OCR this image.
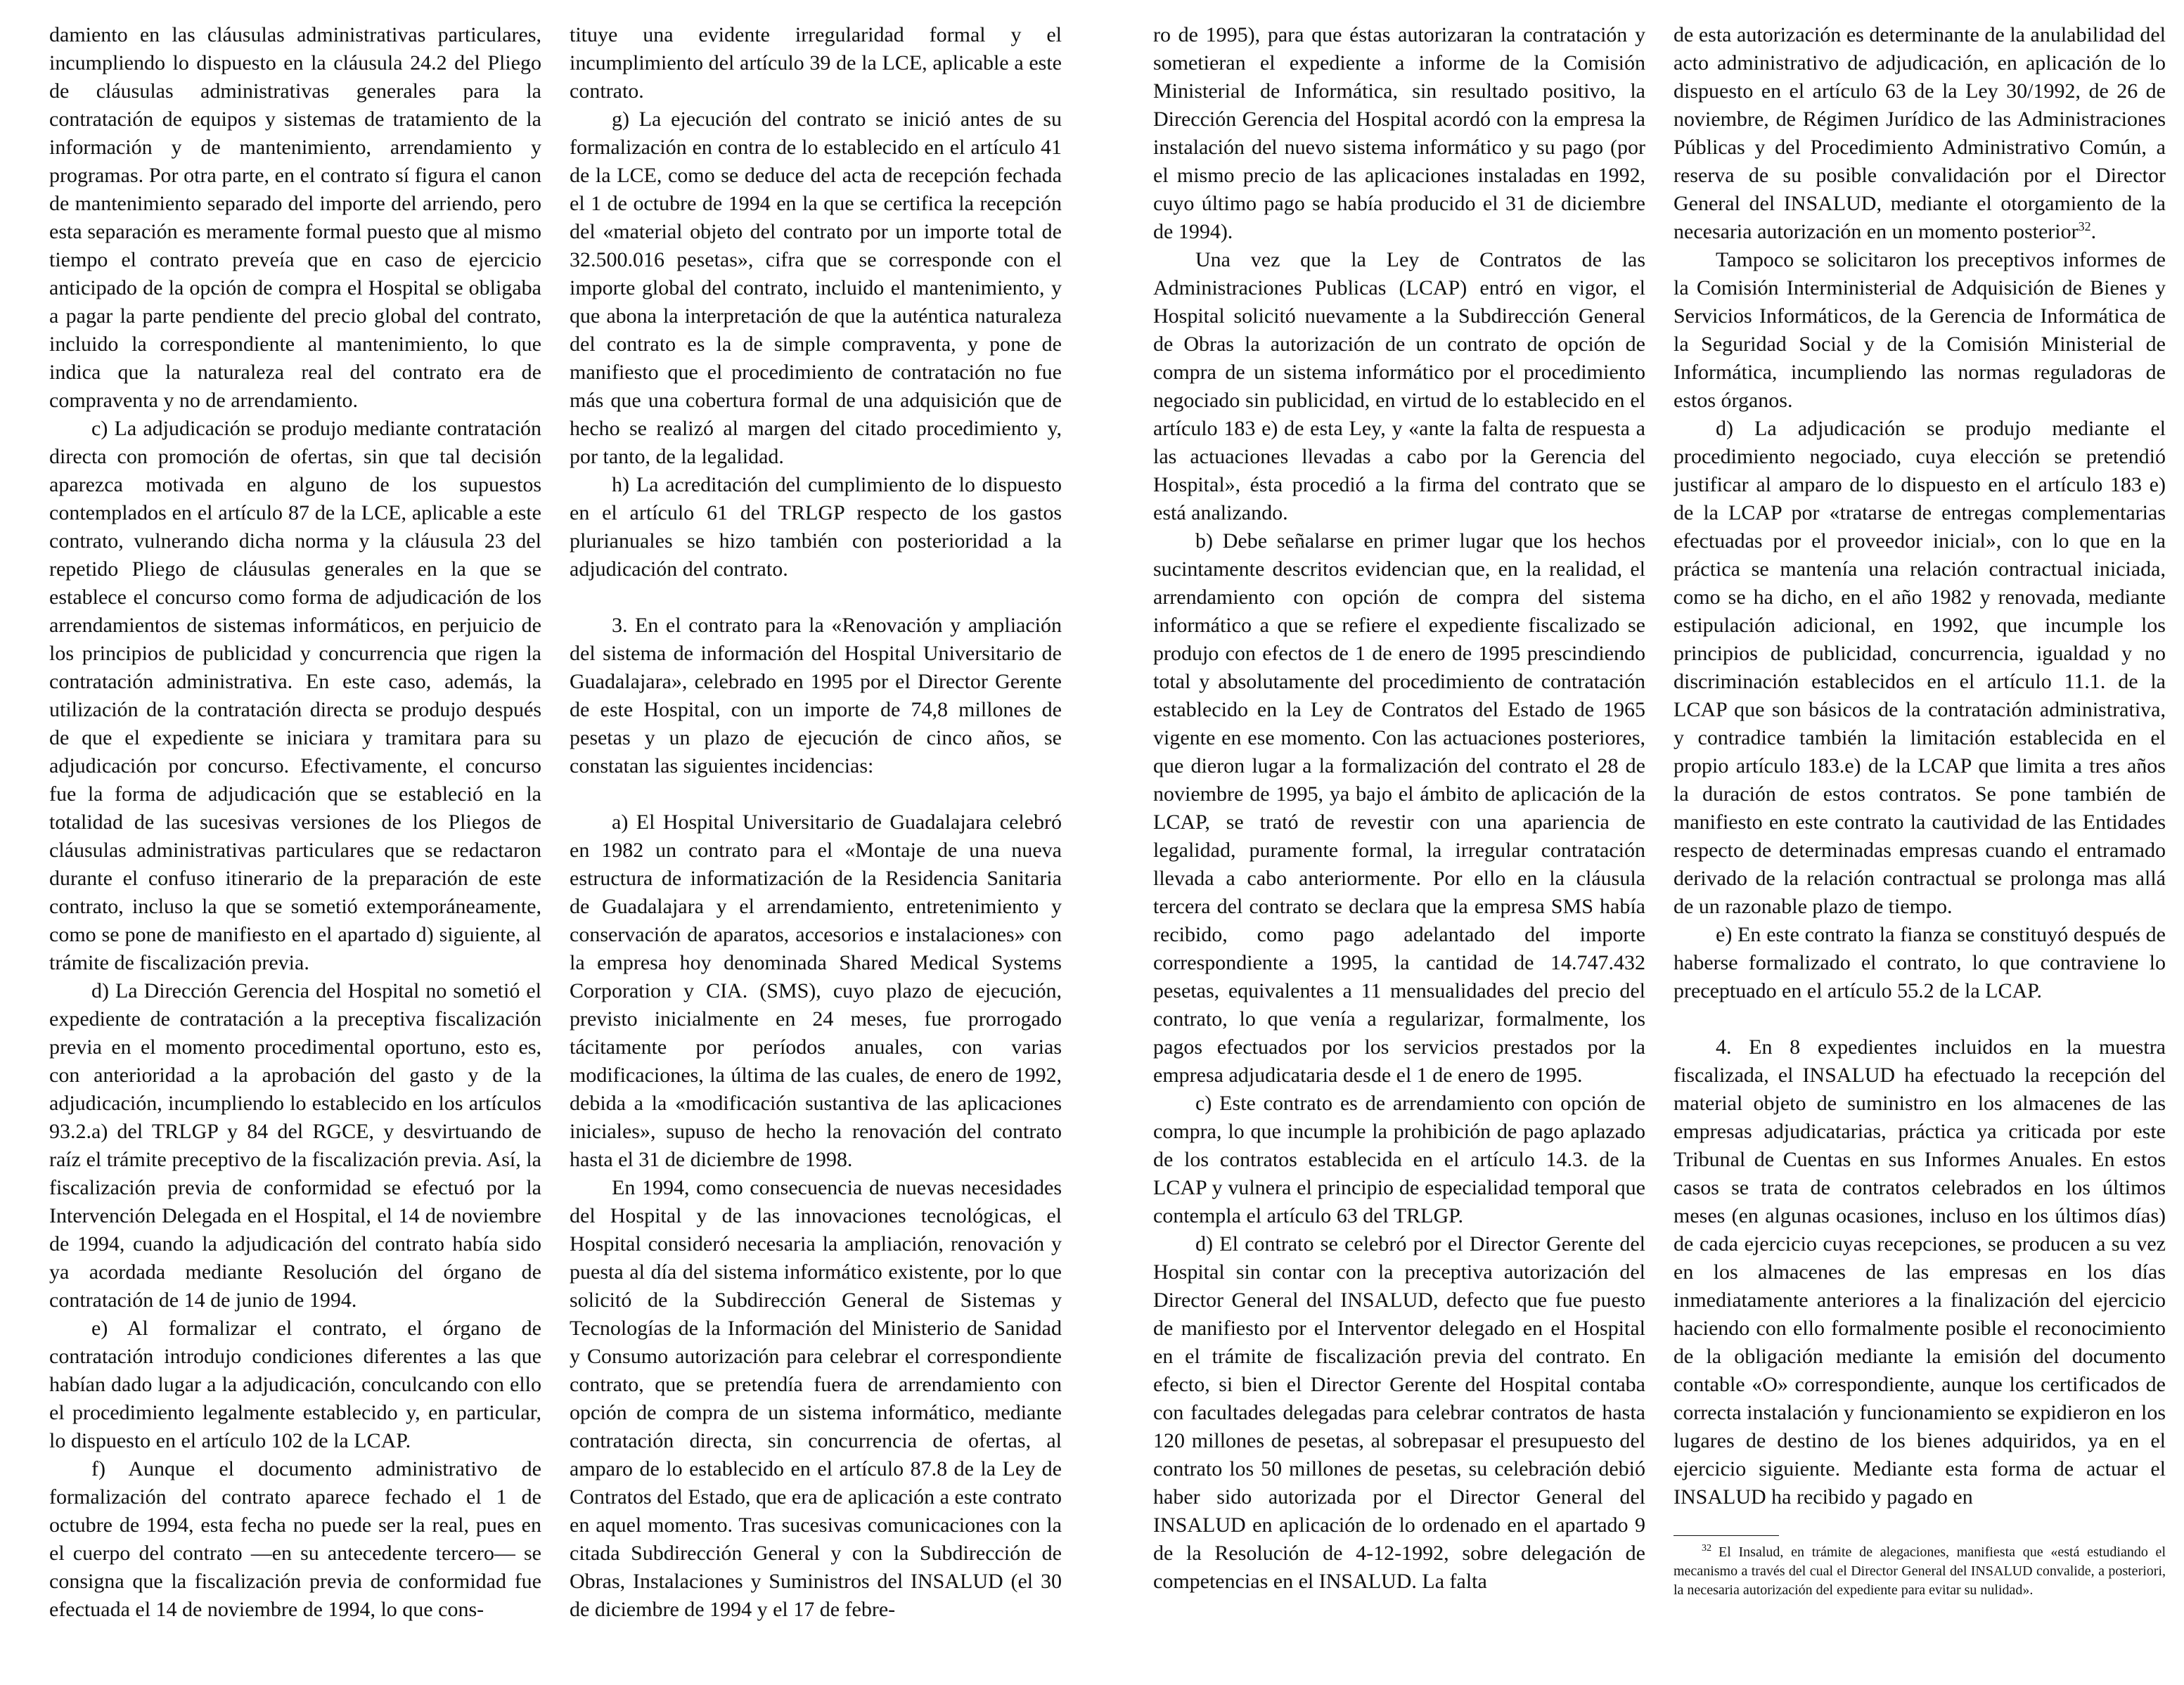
damiento en las cláusulas administrativas particulares, incumpliendo lo dispuesto en la cláusula 24.2 del Pliego de cláusulas administrativas generales para la contratación de equipos y sistemas de tratamiento de la información y de mantenimiento, arrendamiento y programas. Por otra parte, en el contrato sí figura el canon de mantenimiento separado del importe del arriendo, pero esta separación es meramente formal puesto que al mismo tiempo el contrato preveía que en caso de ejercicio anticipado de la opción de compra el Hospital se obligaba a pagar la parte pendiente del precio global del contrato, incluido la correspondiente al mantenimiento, lo que indica que la naturaleza real del contrato era de compraventa y no de arrendamiento.

c) La adjudicación se produjo mediante contratación directa con promoción de ofertas, sin que tal decisión aparezca motivada en alguno de los supuestos contemplados en el artículo 87 de la LCE, aplicable a este contrato, vulnerando dicha norma y la cláusula 23 del repetido Pliego de cláusulas generales en la que se establece el concurso como forma de adjudicación de los arrendamientos de sistemas informáticos, en perjuicio de los principios de publicidad y concurrencia que rigen la contratación administrativa. En este caso, además, la utilización de la contratación directa se produjo después de que el expediente se iniciara y tramitara para su adjudicación por concurso. Efectivamente, el concurso fue la forma de adjudicación que se estableció en la totalidad de las sucesivas versiones de los Pliegos de cláusulas administrativas particulares que se redactaron durante el confuso itinerario de la preparación de este contrato, incluso la que se sometió extemporáneamente, como se pone de manifiesto en el apartado d) siguiente, al trámite de fiscalización previa.

d) La Dirección Gerencia del Hospital no sometió el expediente de contratación a la preceptiva fiscalización previa en el momento procedimental oportuno, esto es, con anterioridad a la aprobación del gasto y de la adjudicación, incumpliendo lo establecido en los artículos 93.2.a) del TRLGP y 84 del RGCE, y desvirtuando de raíz el trámite preceptivo de la fiscalización previa. Así, la fiscalización previa de conformidad se efectuó por la Intervención Delegada en el Hospital, el 14 de noviembre de 1994, cuando la adjudicación del contrato había sido ya acordada mediante Resolución del órgano de contratación de 14 de junio de 1994.

e) Al formalizar el contrato, el órgano de contratación introdujo condiciones diferentes a las que habían dado lugar a la adjudicación, conculcando con ello el procedimiento legalmente establecido y, en particular, lo dispuesto en el artículo 102 de la LCAP.

f) Aunque el documento administrativo de formalización del contrato aparece fechado el 1 de octubre de 1994, esta fecha no puede ser la real, pues en el cuerpo del contrato —en su antecedente tercero— se consigna que la fiscalización previa de conformidad fue efectuada el 14 de noviembre de 1994, lo que cons-

tituye una evidente irregularidad formal y el incumplimiento del artículo 39 de la LCE, aplicable a este contrato.

g) La ejecución del contrato se inició antes de su formalización en contra de lo establecido en el artículo 41 de la LCE, como se deduce del acta de recepción fechada el 1 de octubre de 1994 en la que se certifica la recepción del «material objeto del contrato por un importe total de 32.500.016 pesetas», cifra que se corresponde con el importe global del contrato, incluido el mantenimiento, y que abona la interpretación de que la auténtica naturaleza del contrato es la de simple compraventa, y pone de manifiesto que el procedimiento de contratación no fue más que una cobertura formal de una adquisición que de hecho se realizó al margen del citado procedimiento y, por tanto, de la legalidad.

h) La acreditación del cumplimiento de lo dispuesto en el artículo 61 del TRLGP respecto de los gastos plurianuales se hizo también con posterioridad a la adjudicación del contrato.

3. En el contrato para la «Renovación y ampliación del sistema de información del Hospital Universitario de Guadalajara», celebrado en 1995 por el Director Gerente de este Hospital, con un importe de 74,8 millones de pesetas y un plazo de ejecución de cinco años, se constatan las siguientes incidencias:

a) El Hospital Universitario de Guadalajara celebró en 1982 un contrato para el «Montaje de una nueva estructura de informatización de la Residencia Sanitaria de Guadalajara y el arrendamiento, entretenimiento y conservación de aparatos, accesorios e instalaciones» con la empresa hoy denominada Shared Medical Systems Corporation y CIA. (SMS), cuyo plazo de ejecución, previsto inicialmente en 24 meses, fue prorrogado tácitamente por períodos anuales, con varias modificaciones, la última de las cuales, de enero de 1992, debida a la «modificación sustantiva de las aplicaciones iniciales», supuso de hecho la renovación del contrato hasta el 31 de diciembre de 1998.

En 1994, como consecuencia de nuevas necesidades del Hospital y de las innovaciones tecnológicas, el Hospital consideró necesaria la ampliación, renovación y puesta al día del sistema informático existente, por lo que solicitó de la Subdirección General de Sistemas y Tecnologías de la Información del Ministerio de Sanidad y Consumo autorización para celebrar el correspondiente contrato, que se pretendía fuera de arrendamiento con opción de compra de un sistema informático, mediante contratación directa, sin concurrencia de ofertas, al amparo de lo establecido en el artículo 87.8 de la Ley de Contratos del Estado, que era de aplicación a este contrato en aquel momento. Tras sucesivas comunicaciones con la citada Subdirección General y con la Subdirección de Obras, Instalaciones y Suministros del INSALUD (el 30 de diciembre de 1994 y el 17 de febre-

ro de 1995), para que éstas autorizaran la contratación y sometieran el expediente a informe de la Comisión Ministerial de Informática, sin resultado positivo, la Dirección Gerencia del Hospital acordó con la empresa la instalación del nuevo sistema informático y su pago (por el mismo precio de las aplicaciones instaladas en 1992, cuyo último pago se había producido el 31 de diciembre de 1994).

Una vez que la Ley de Contratos de las Administraciones Publicas (LCAP) entró en vigor, el Hospital solicitó nuevamente a la Subdirección General de Obras la autorización de un contrato de opción de compra de un sistema informático por el procedimiento negociado sin publicidad, en virtud de lo establecido en el artículo 183 e) de esta Ley, y «ante la falta de respuesta a las actuaciones llevadas a cabo por la Gerencia del Hospital», ésta procedió a la firma del contrato que se está analizando.

b) Debe señalarse en primer lugar que los hechos sucintamente descritos evidencian que, en la realidad, el arrendamiento con opción de compra del sistema informático a que se refiere el expediente fiscalizado se produjo con efectos de 1 de enero de 1995 prescindiendo total y absolutamente del procedimiento de contratación establecido en la Ley de Contratos del Estado de 1965 vigente en ese momento. Con las actuaciones posteriores, que dieron lugar a la formalización del contrato el 28 de noviembre de 1995, ya bajo el ámbito de aplicación de la LCAP, se trató de revestir con una apariencia de legalidad, puramente formal, la irregular contratación llevada a cabo anteriormente. Por ello en la cláusula tercera del contrato se declara que la empresa SMS había recibido, como pago adelantado del importe correspondiente a 1995, la cantidad de 14.747.432 pesetas, equivalentes a 11 mensualidades del precio del contrato, lo que venía a regularizar, formalmente, los pagos efectuados por los servicios prestados por la empresa adjudicataria desde el 1 de enero de 1995.

c) Este contrato es de arrendamiento con opción de compra, lo que incumple la prohibición de pago aplazado de los contratos establecida en el artículo 14.3. de la LCAP y vulnera el principio de especialidad temporal que contempla el artículo 63 del TRLGP.

d) El contrato se celebró por el Director Gerente del Hospital sin contar con la preceptiva autorización del Director General del INSALUD, defecto que fue puesto de manifiesto por el Interventor delegado en el Hospital en el trámite de fiscalización previa del contrato. En efecto, si bien el Director Gerente del Hospital contaba con facultades delegadas para celebrar contratos de hasta 120 millones de pesetas, al sobrepasar el presupuesto del contrato los 50 millones de pesetas, su celebración debió haber sido autorizada por el Director General del INSALUD en aplicación de lo ordenado en el apartado 9 de la Resolución de 4-12-1992, sobre delegación de competencias en el INSALUD. La falta

de esta autorización es determinante de la anulabilidad del acto administrativo de adjudicación, en aplicación de lo dispuesto en el artículo 63 de la Ley 30/1992, de 26 de noviembre, de Régimen Jurídico de las Administraciones Públicas y del Procedimiento Administrativo Común, a reserva de su posible convalidación por el Director General del INSALUD, mediante el otorgamiento de la necesaria autorización en un momento posterior$^{32}$.

Tampoco se solicitaron los preceptivos informes de la Comisión Interministerial de Adquisición de Bienes y Servicios Informáticos, de la Gerencia de Informática de la Seguridad Social y de la Comisión Ministerial de Informática, incumpliendo las normas reguladoras de estos órganos.

d) La adjudicación se produjo mediante el procedimiento negociado, cuya elección se pretendió justificar al amparo de lo dispuesto en el artículo 183 e) de la LCAP por «tratarse de entregas complementarias efectuadas por el proveedor inicial», con lo que en la práctica se mantenía una relación contractual iniciada, como se ha dicho, en el año 1982 y renovada, mediante estipulación adicional, en 1992, que incumple los principios de publicidad, concurrencia, igualdad y no discriminación establecidos en el artículo 11.1. de la LCAP que son básicos de la contratación administrativa, y contradice también la limitación establecida en el propio artículo 183.e) de la LCAP que limita a tres años la duración de estos contratos. Se pone también de manifiesto en este contrato la cautividad de las Entidades respecto de determinadas empresas cuando el entramado derivado de la relación contractual se prolonga mas allá de un razonable plazo de tiempo.

e) En este contrato la fianza se constituyó después de haberse formalizado el contrato, lo que contraviene lo preceptuado en el artículo 55.2 de la LCAP.

4. En 8 expedientes incluidos en la muestra fiscalizada, el INSALUD ha efectuado la recepción del material objeto de suministro en los almacenes de las empresas adjudicatarias, práctica ya criticada por este Tribunal de Cuentas en sus Informes Anuales. En estos casos se trata de contratos celebrados en los últimos meses (en algunas ocasiones, incluso en los últimos días) de cada ejercicio cuyas recepciones, se producen a su vez en los almacenes de las empresas en los días inmediatamente anteriores a la finalización del ejercicio haciendo con ello formalmente posible el reconocimiento de la obligación mediante la emisión del documento contable «O» correspondiente, aunque los certificados de correcta instalación y funcionamiento se expidieron en los lugares de destino de los bienes adquiridos, ya en el ejercicio siguiente. Mediante esta forma de actuar el INSALUD ha recibido y pagado en

$^{32}$ El Insalud, en trámite de alegaciones, manifiesta que «está estudiando el mecanismo a través del cual el Director General del INSALUD convalide, a posteriori, la necesaria autorización del expediente para evitar su nulidad».
